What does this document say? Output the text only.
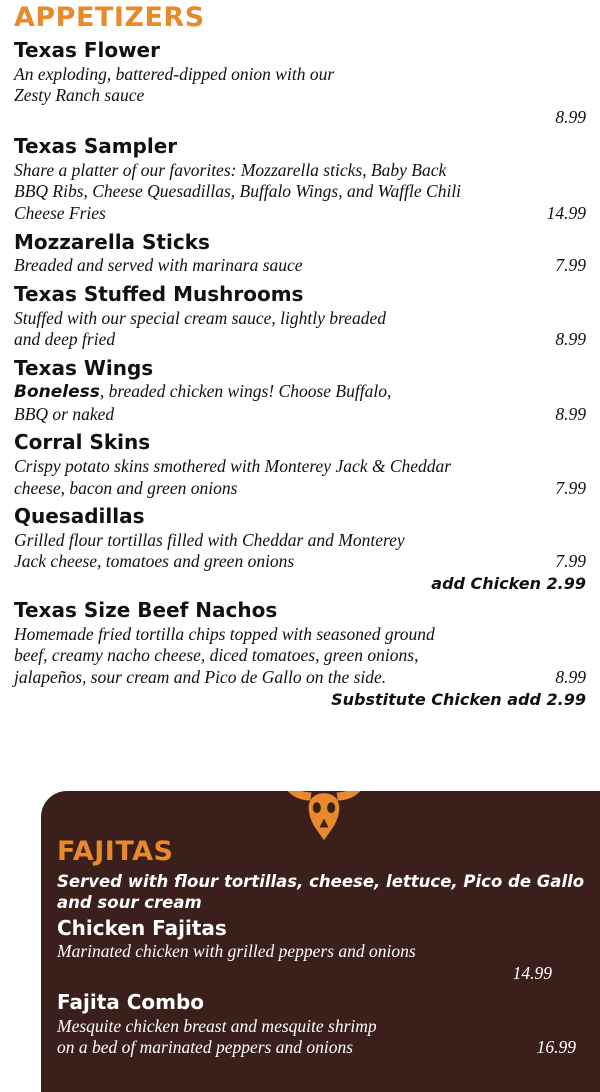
APPETIZERS
Texas Flower
An exploding, battered-dipped onion with our
Zesty Ranch sauce
8.99
Texas Sampler
Share a platter of our favorites: Mozzarella sticks, Baby Back
BBQ Ribs, Cheese Quesadillas, Buffalo Wings, and Waffle Chili
Cheese Fries	14.99
Mozzarella Sticks
Breaded and served with marinara sauce	7.99
Texas Stuffed Mushrooms
Stuffed with our special cream sauce, lightly breaded
and deep fried	8.99
Texas Wings
Boneless, breaded chicken wings! Choose Buffalo,
BBQ or naked	8.99
Corral Skins
Crispy potato skins smothered with Monterey Jack & Cheddar
cheese, bacon and green onions	7.99
Quesadillas
Grilled flour tortillas filled with Cheddar and Monterey
Jack cheese, tomatoes and green onions	7.99
add Chicken 2.99
Texas Size Beef Nachos
Homemade fried tortilla chips topped with seasoned ground
beef, creamy nacho cheese, diced tomatoes, green onions,
jalapeños, sour cream and Pico de Gallo on the side.	8.99
Substitute Chicken add 2.99
FAJITAS
Served with flour tortillas, cheese, lettuce, Pico de Gallo
and sour cream
Chicken Fajitas
Marinated chicken with grilled peppers and onions
14.99
Fajita Combo
Mesquite chicken breast and mesquite shrimp
on a bed of marinated peppers and onions	16.99
